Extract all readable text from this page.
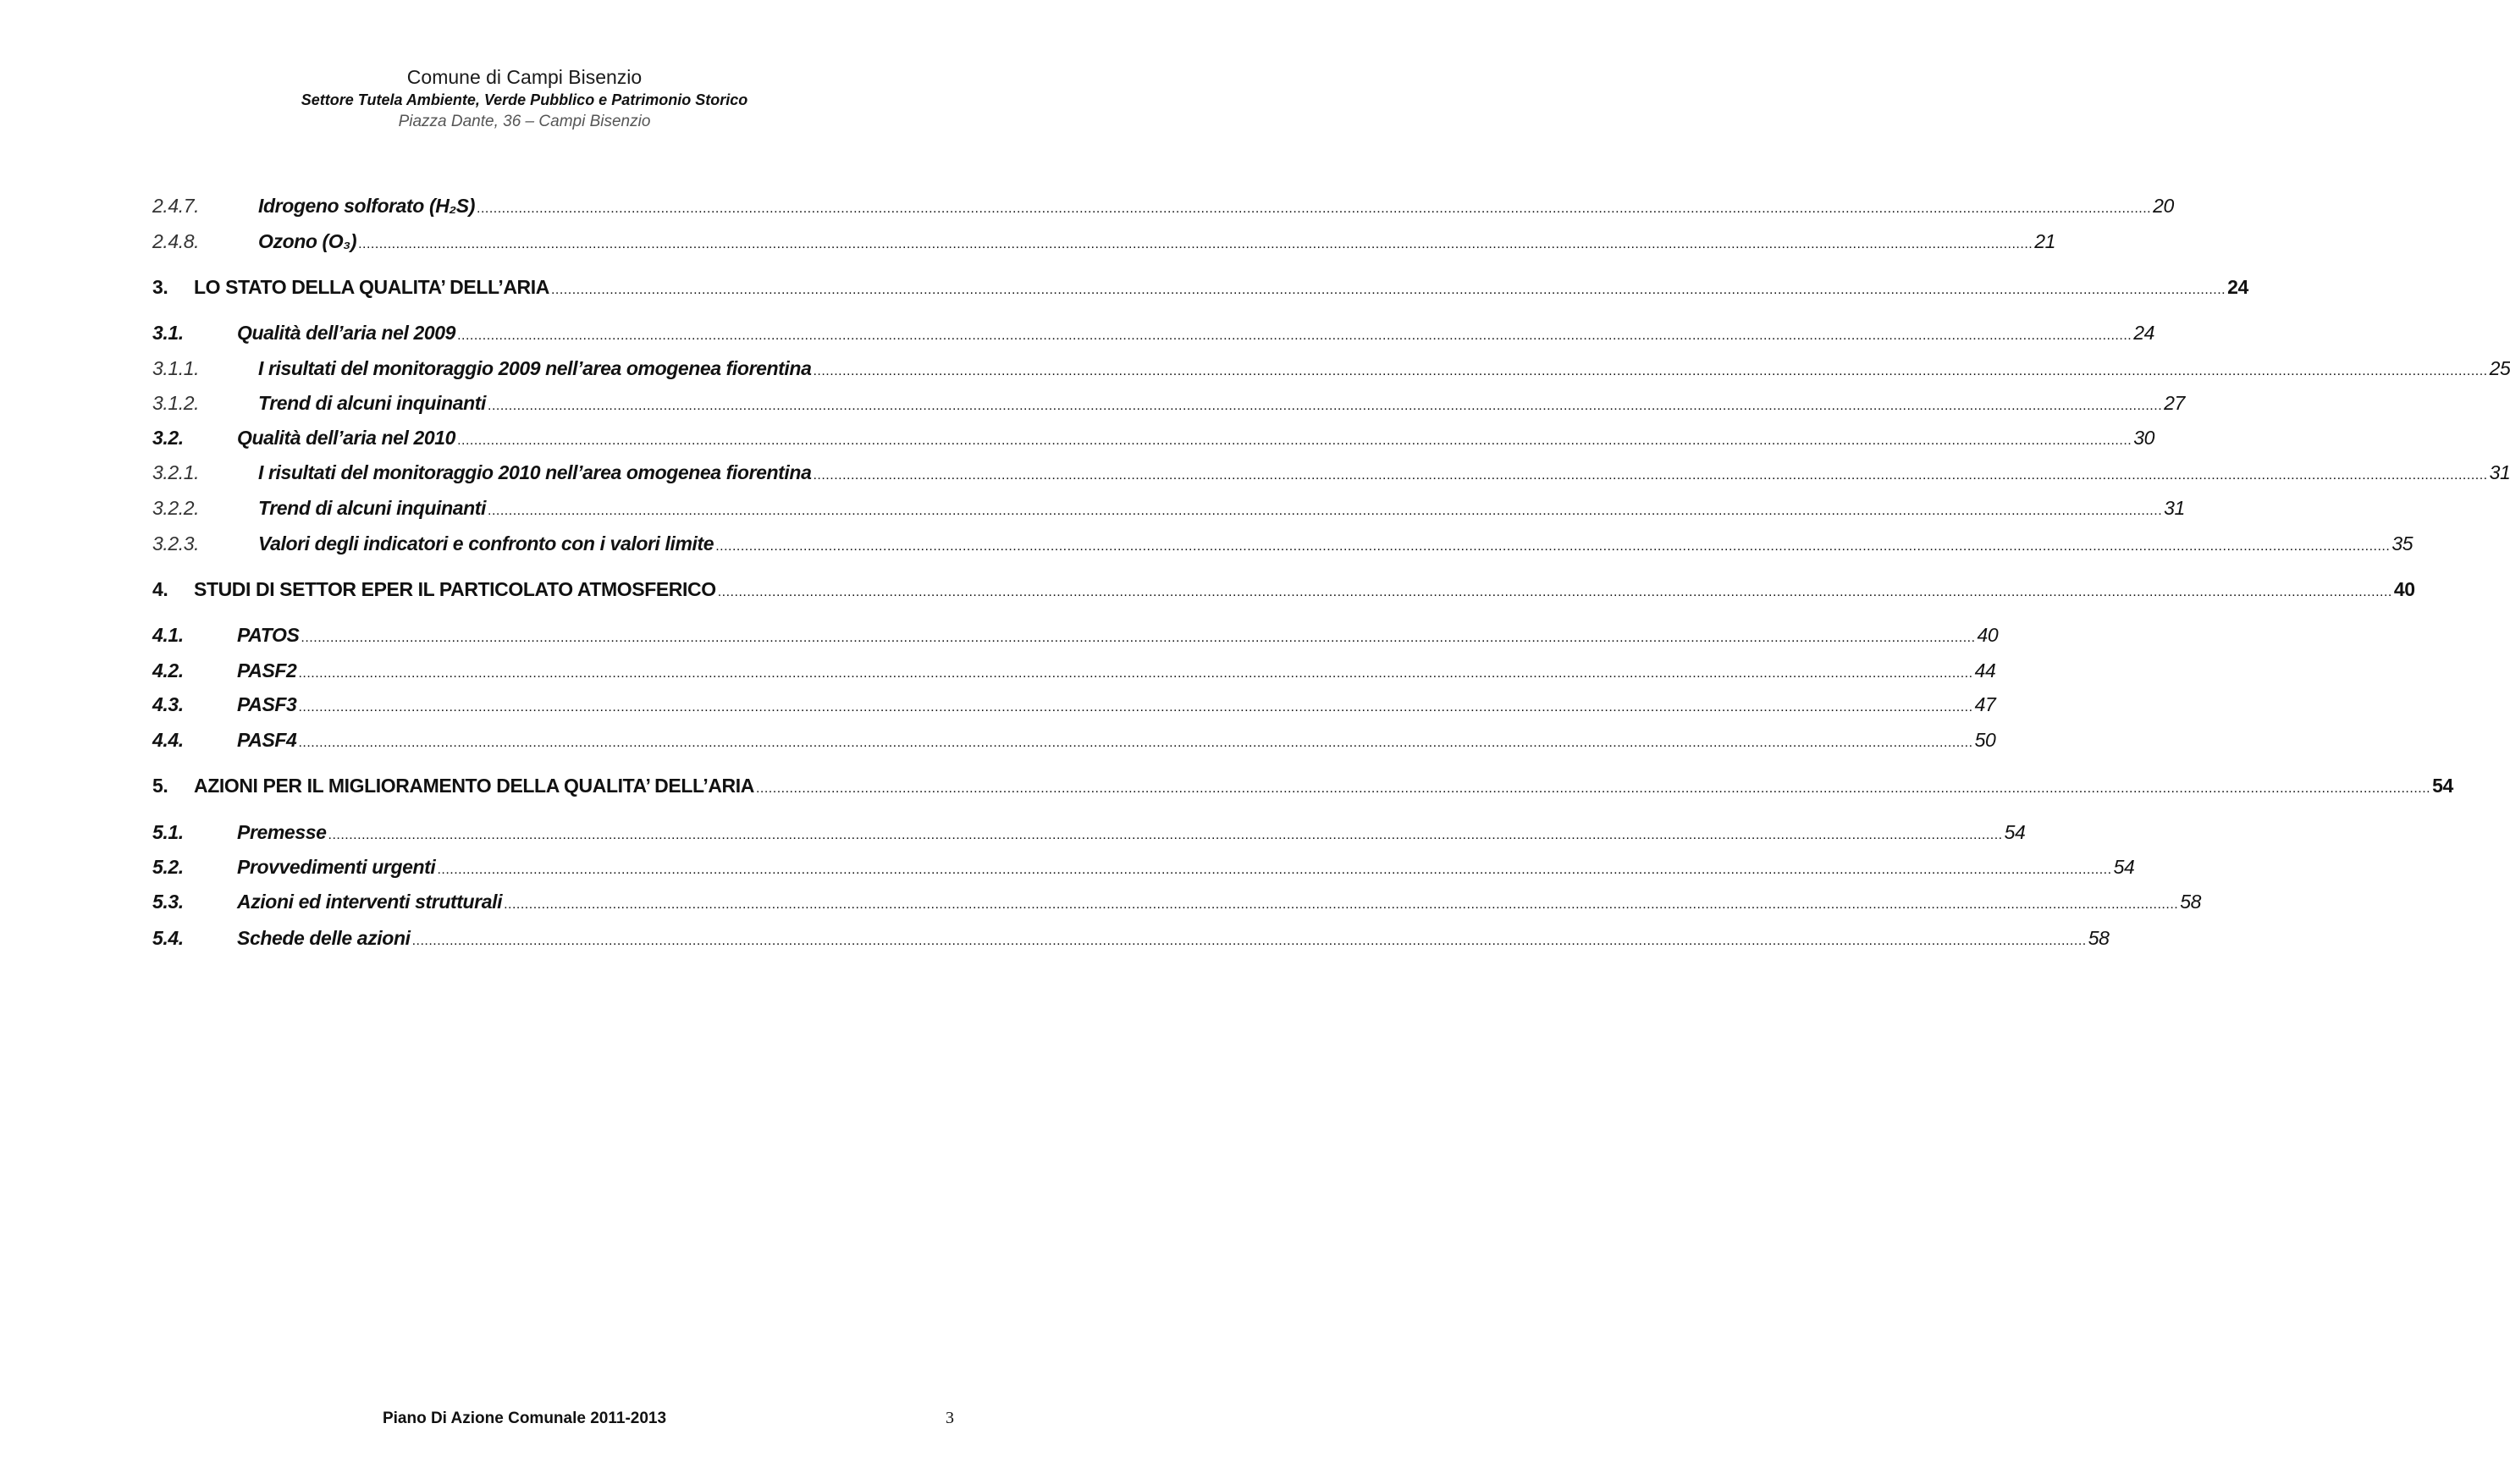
Comune di Campi Bisenzio
Settore Tutela Ambiente, Verde Pubblico e Patrimonio Storico
Piazza Dante, 36 – Campi Bisenzio
2.4.7.	Idrogeno solforato (H₂S) ................................................................................................................................................................................................................................................................................................................................................................................................................ 20
2.4.8.	Ozono (O₃) ................................................................................................................................................................................................................................................................................................................................................................................................................ 21
3. LO STATO DELLA QUALITA’ DELL’ARIA ................................................................................................................................................................................................................................................................................................................................................................................................................ 24
3.1.	Qualità dell’aria nel 2009 ................................................................................................................................................................................................................................................................................................................................................................................................................ 24
3.1.1.	I risultati del monitoraggio 2009 nell’area omogenea fiorentina ................................................................................................................................................................................................................................................................................................................................................................................................................ 25
3.1.2.	Trend di alcuni inquinanti ................................................................................................................................................................................................................................................................................................................................................................................................................ 27
3.2.	Qualità dell’aria nel 2010 ................................................................................................................................................................................................................................................................................................................................................................................................................ 30
3.2.1.	I risultati del monitoraggio 2010 nell’area omogenea fiorentina ................................................................................................................................................................................................................................................................................................................................................................................................................ 31
3.2.2.	Trend di alcuni inquinanti ................................................................................................................................................................................................................................................................................................................................................................................................................ 31
3.2.3.	Valori degli indicatori e confronto con i valori limite ................................................................................................................................................................................................................................................................................................................................................................................................................ 35
4. STUDI DI SETTOR EPER IL PARTICOLATO ATMOSFERICO ................................................................................................................................................................................................................................................................................................................................................................................................................ 40
4.1.	PATOS ................................................................................................................................................................................................................................................................................................................................................................................................................ 40
4.2.	PASF2 ................................................................................................................................................................................................................................................................................................................................................................................................................ 44
4.3.	PASF3 ................................................................................................................................................................................................................................................................................................................................................................................................................ 47
4.4.	PASF4 ................................................................................................................................................................................................................................................................................................................................................................................................................ 50
5. AZIONI PER IL MIGLIORAMENTO DELLA QUALITA’ DELL’ARIA ................................................................................................................................................................................................................................................................................................................................................................................................................ 54
5.1.	Premesse ................................................................................................................................................................................................................................................................................................................................................................................................................ 54
5.2.	Provvedimenti urgenti ................................................................................................................................................................................................................................................................................................................................................................................................................ 54
5.3.	Azioni ed interventi strutturali ................................................................................................................................................................................................................................................................................................................................................................................................................ 58
5.4.	Schede delle azioni ................................................................................................................................................................................................................................................................................................................................................................................................................ 58
Piano Di Azione Comunale 2011-2013	3
